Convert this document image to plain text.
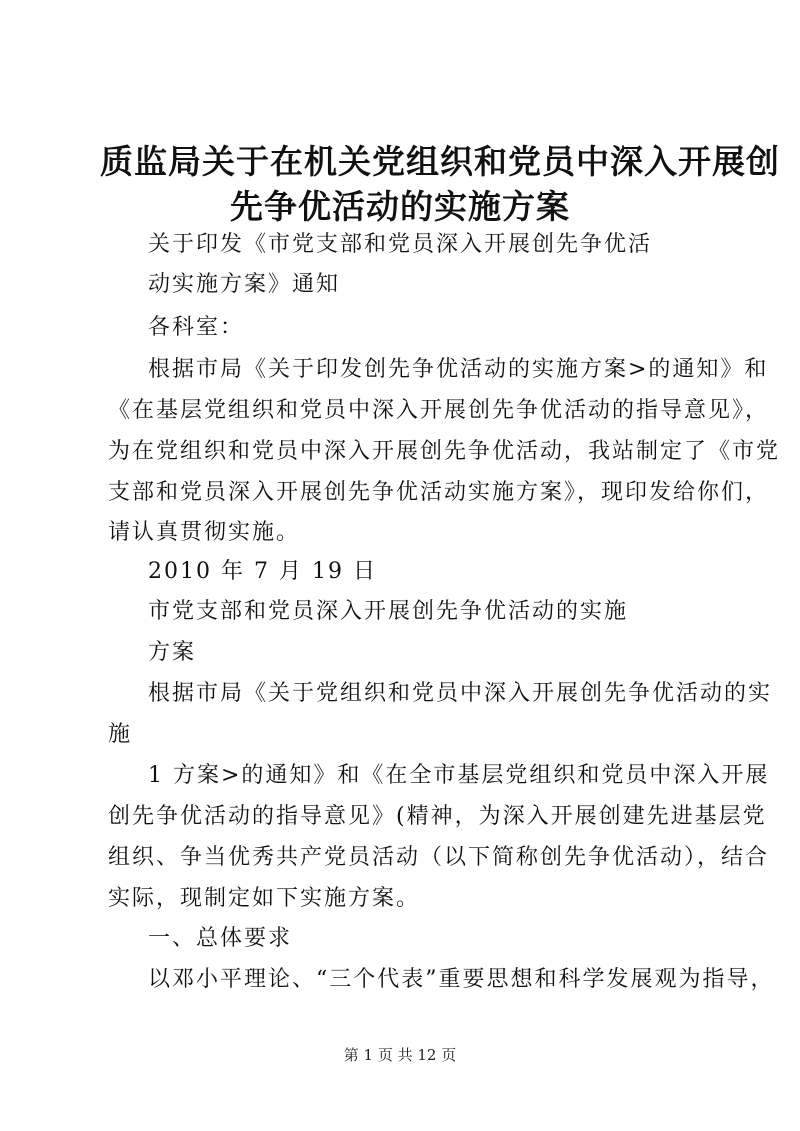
质监局关于在机关党组织和党员中深入开展创
先争优活动的实施方案
关于印发《市党支部和党员深入开展创先争优活
动实施方案》通知
各科室：
根据市局《关于印发创先争优活动的实施方案>的通知》和
《在基层党组织和党员中深入开展创先争优活动的指导意见》，
为在党组织和党员中深入开展创先争优活动，我站制定了《市党
支部和党员深入开展创先争优活动实施方案》，现印发给你们，
请认真贯彻实施。
2010 年 7 月 19 日
市党支部和党员深入开展创先争优活动的实施
方案
根据市局《关于党组织和党员中深入开展创先争优活动的实
施
1 方案>的通知》和《在全市基层党组织和党员中深入开展
创先争优活动的指导意见》(精神，为深入开展创建先进基层党
组织、争当优秀共产党员活动（以下简称创先争优活动），结合
实际，现制定如下实施方案。
一、总体要求
以邓小平理论、“三个代表”重要思想和科学发展观为指导，
第 1 页 共 12 页
